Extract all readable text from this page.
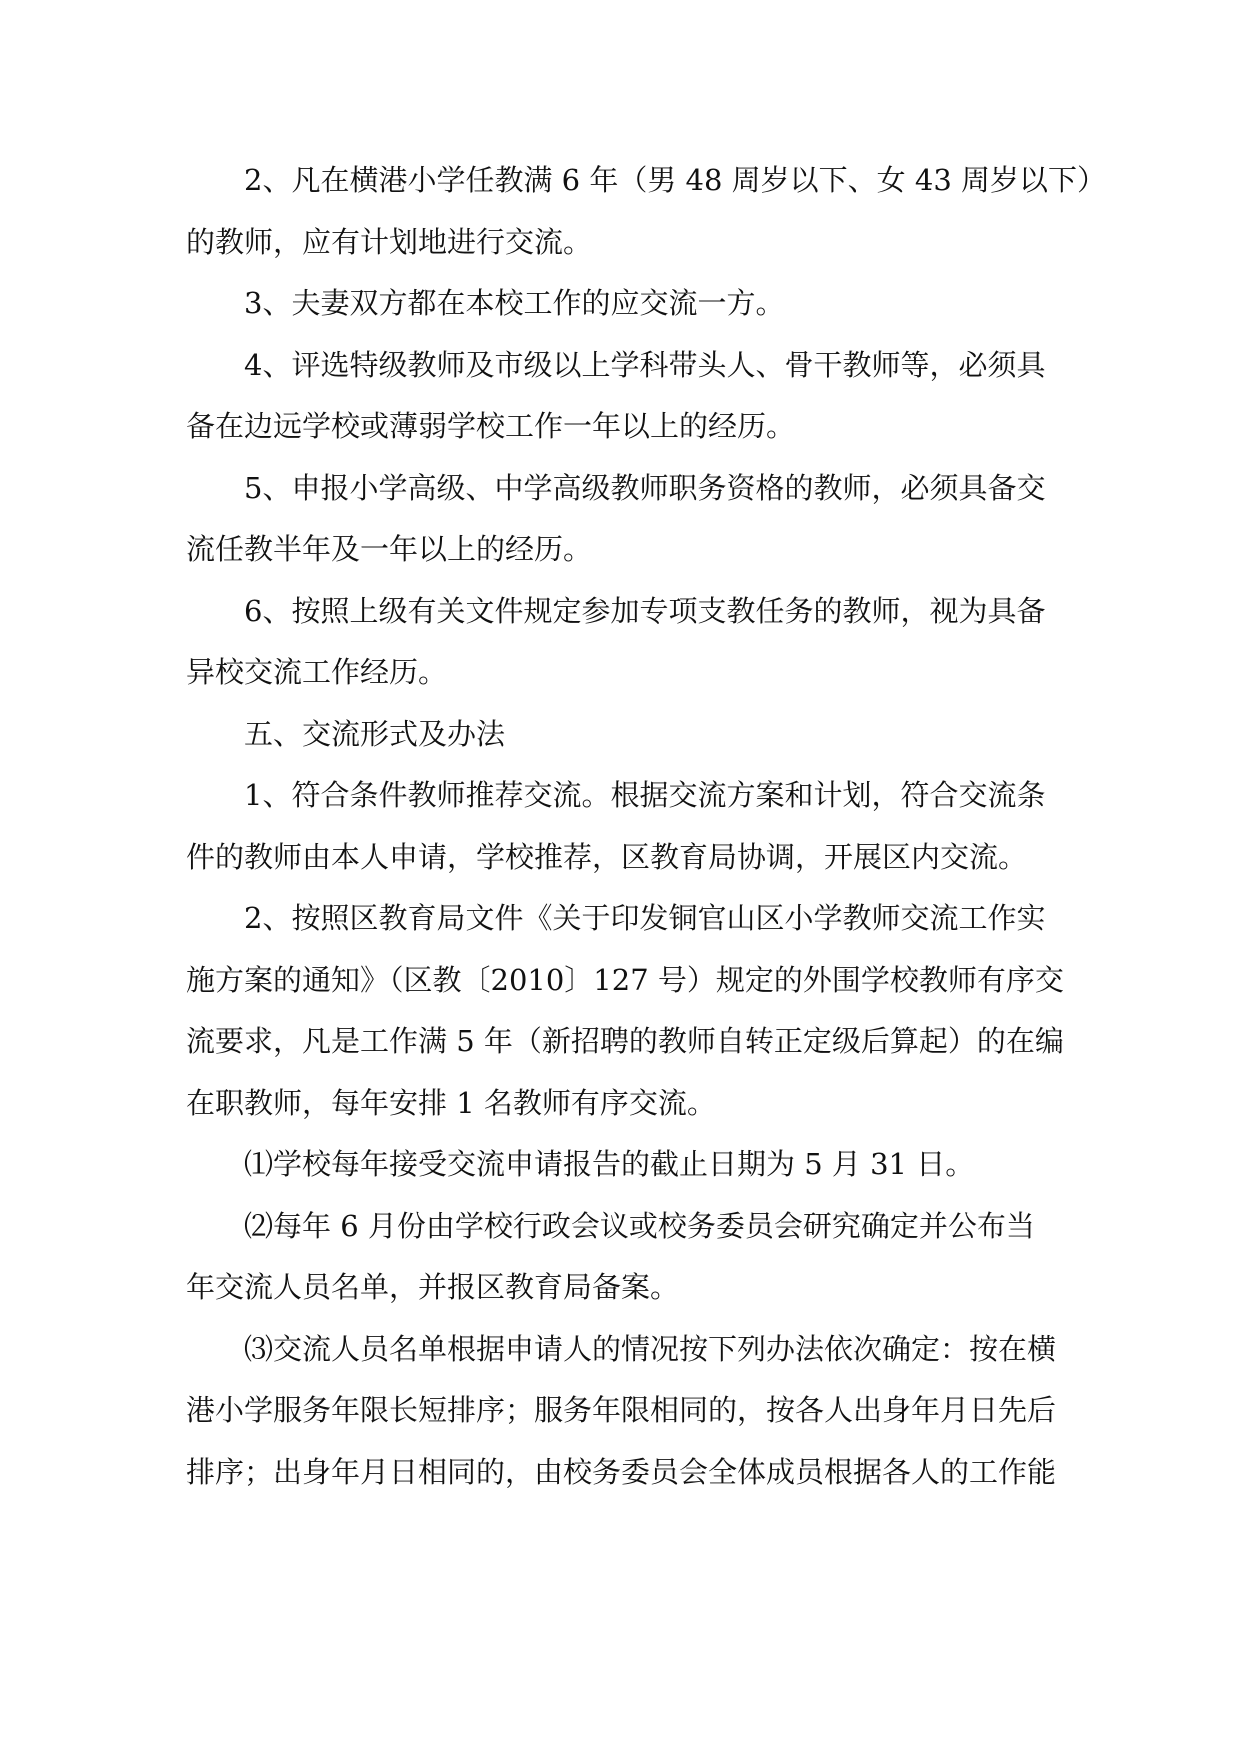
2、凡在横港小学任教满 6 年（男 48 周岁以下、女 43 周岁以下）
的教师，应有计划地进行交流。
3、夫妻双方都在本校工作的应交流一方。
4、评选特级教师及市级以上学科带头人、骨干教师等，必须具
备在边远学校或薄弱学校工作一年以上的经历。
5、申报小学高级、中学高级教师职务资格的教师，必须具备交
流任教半年及一年以上的经历。
6、按照上级有关文件规定参加专项支教任务的教师，视为具备
异校交流工作经历。
五、交流形式及办法
1、符合条件教师推荐交流。根据交流方案和计划，符合交流条
件的教师由本人申请，学校推荐，区教育局协调，开展区内交流。
2、按照区教育局文件《关于印发铜官山区小学教师交流工作实
施方案的通知》（区教〔2010〕127 号）规定的外围学校教师有序交
流要求，凡是工作满 5 年（新招聘的教师自转正定级后算起）的在编
在职教师，每年安排 1 名教师有序交流。
⑴学校每年接受交流申请报告的截止日期为 5 月 31 日。
⑵每年 6 月份由学校行政会议或校务委员会研究确定并公布当
年交流人员名单，并报区教育局备案。
⑶交流人员名单根据申请人的情况按下列办法依次确定：按在横
港小学服务年限长短排序；服务年限相同的，按各人出身年月日先后
排序；出身年月日相同的，由校务委员会全体成员根据各人的工作能
